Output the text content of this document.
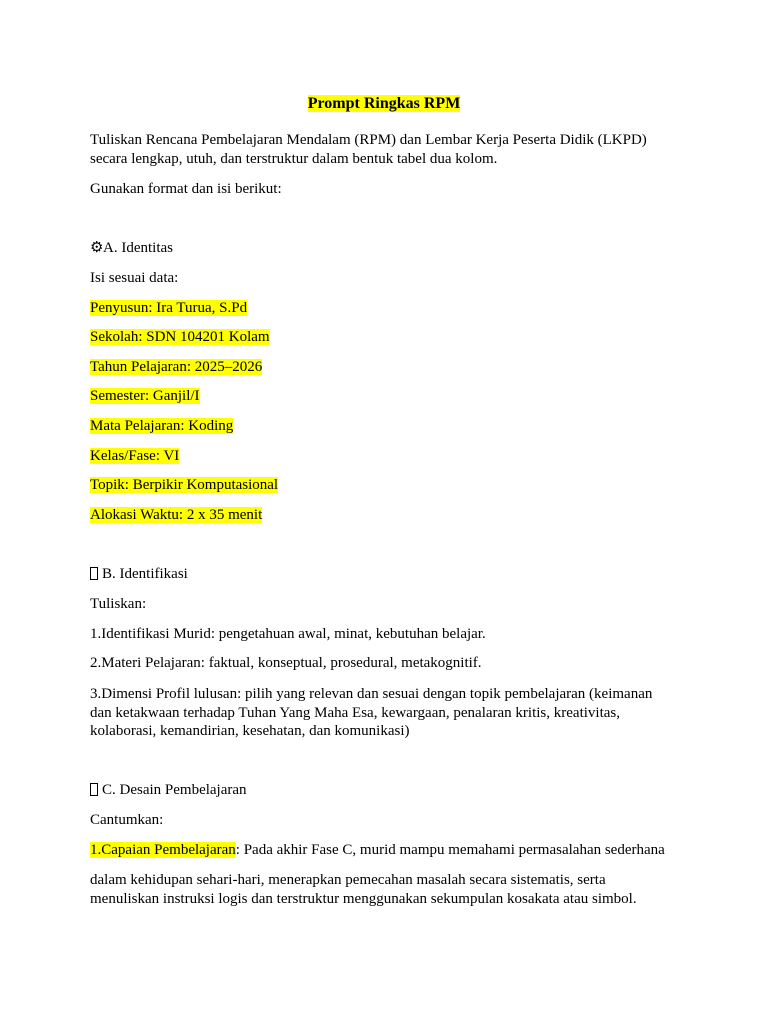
Prompt Ringkas RPM
Tuliskan Rencana Pembelajaran Mendalam (RPM) dan Lembar Kerja Peserta Didik (LKPD)
secara lengkap, utuh, dan terstruktur dalam bentuk tabel dua kolom.
Gunakan format dan isi berikut:
⚙A. Identitas
Isi sesuai data:
Penyusun: Ira Turua, S.Pd
Sekolah: SDN 104201 Kolam
Tahun Pelajaran: 2025–2026
Semester: Ganjil/I
Mata Pelajaran: Koding
Kelas/Fase: VI
Topik: Berpikir Komputasional
Alokasi Waktu: 2 x 35 menit
B. Identifikasi
Tuliskan:
1.Identifikasi Murid: pengetahuan awal, minat, kebutuhan belajar.
2.Materi Pelajaran: faktual, konseptual, prosedural, metakognitif.
3.Dimensi Profil lulusan: pilih yang relevan dan sesuai dengan topik pembelajaran (keimanan
dan ketakwaan terhadap Tuhan Yang Maha Esa, kewargaan, penalaran kritis, kreativitas,
kolaborasi, kemandirian, kesehatan, dan komunikasi)
C. Desain Pembelajaran
Cantumkan:
1.Capaian Pembelajaran: Pada akhir Fase C, murid mampu memahami permasalahan sederhana
dalam kehidupan sehari-hari, menerapkan pemecahan masalah secara sistematis, serta
menuliskan instruksi logis dan terstruktur menggunakan sekumpulan kosakata atau simbol.
